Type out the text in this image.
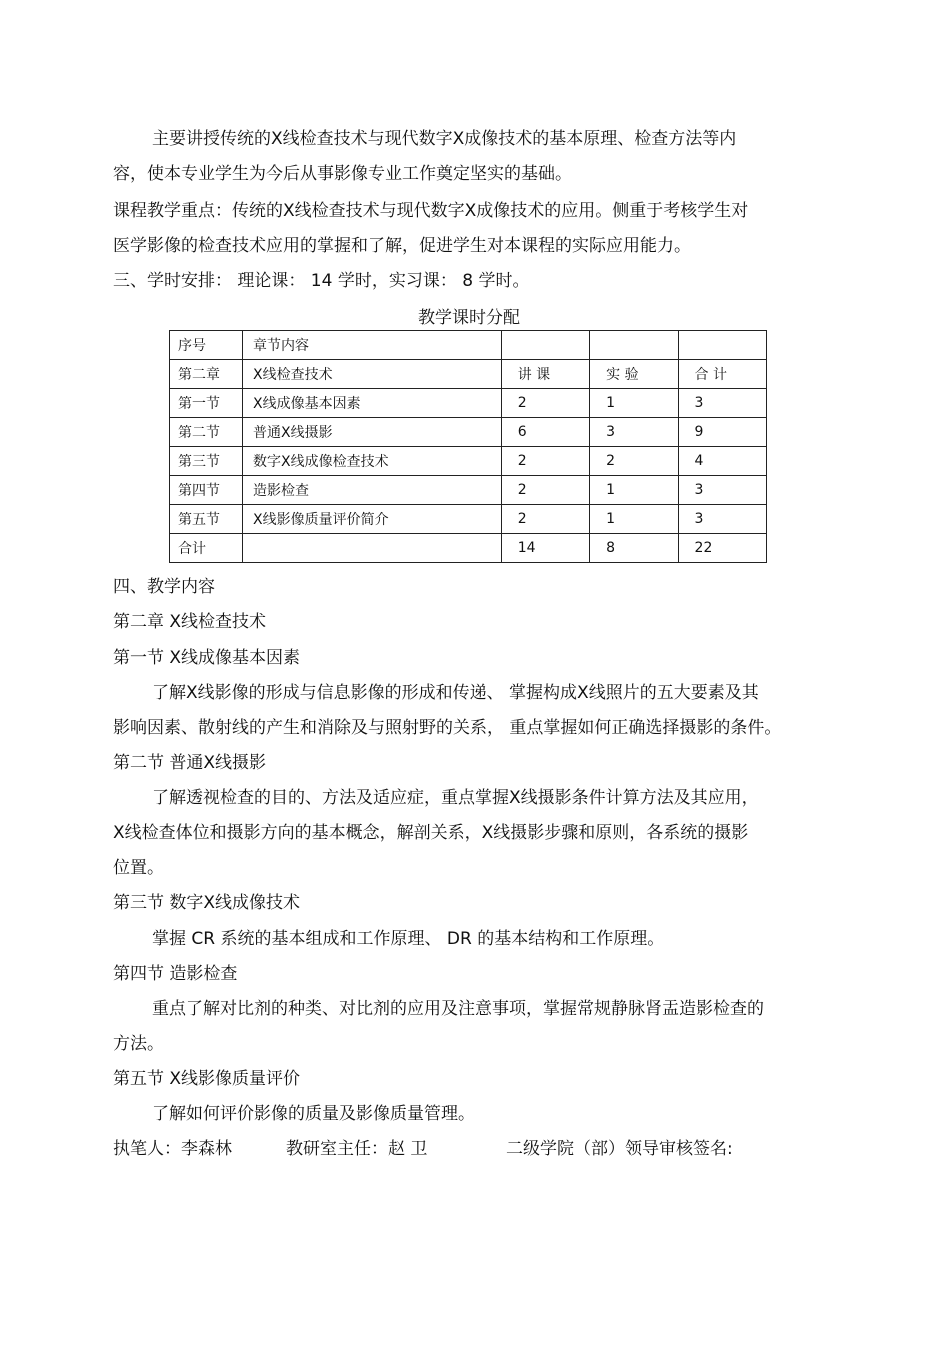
主要讲授传统的X线检查技术与现代数字X成像技术的基本原理、检查方法等内
容，使本专业学生为今后从事影像专业工作奠定坚实的基础。
课程教学重点：传统的X线检查技术与现代数字X成像技术的应用。侧重于考核学生对
医学影像的检查技术应用的掌握和了解，促进学生对本课程的实际应用能力。
三、学时安排： 理论课： 14 学时，实习课： 8 学时。
教学课时分配
序号	章节内容			
第二章	X线检查技术	讲 课	实 验	合 计
第一节	X线成像基本因素	2	1	3
第二节	普通X线摄影	6	3	9
第三节	数字X线成像检查技术	2	2	4
第四节	造影检查	2	1	3
第五节	X线影像质量评价简介	2	1	3
合计		14	8	22
四、教学内容
第二章 X线检查技术
第一节 X线成像基本因素
了解X线影像的形成与信息影像的形成和传递、 掌握构成X线照片的五大要素及其
影响因素、散射线的产生和消除及与照射野的关系， 重点掌握如何正确选择摄影的条件。
第二节 普通X线摄影
了解透视检查的目的、方法及适应症，重点掌握X线摄影条件计算方法及其应用，
X线检查体位和摄影方向的基本概念，解剖关系，X线摄影步骤和原则，各系统的摄影
位置。
第三节 数字X线成像技术
掌握 CR 系统的基本组成和工作原理、 DR 的基本结构和工作原理。
第四节 造影检查
重点了解对比剂的种类、对比剂的应用及注意事项，掌握常规静脉肾盂造影检查的
方法。
第五节 X线影像质量评价
了解如何评价影像的质量及影像质量管理。
执笔人：李森林	教研室主任：赵 卫	二级学院（部）领导审核签名:
